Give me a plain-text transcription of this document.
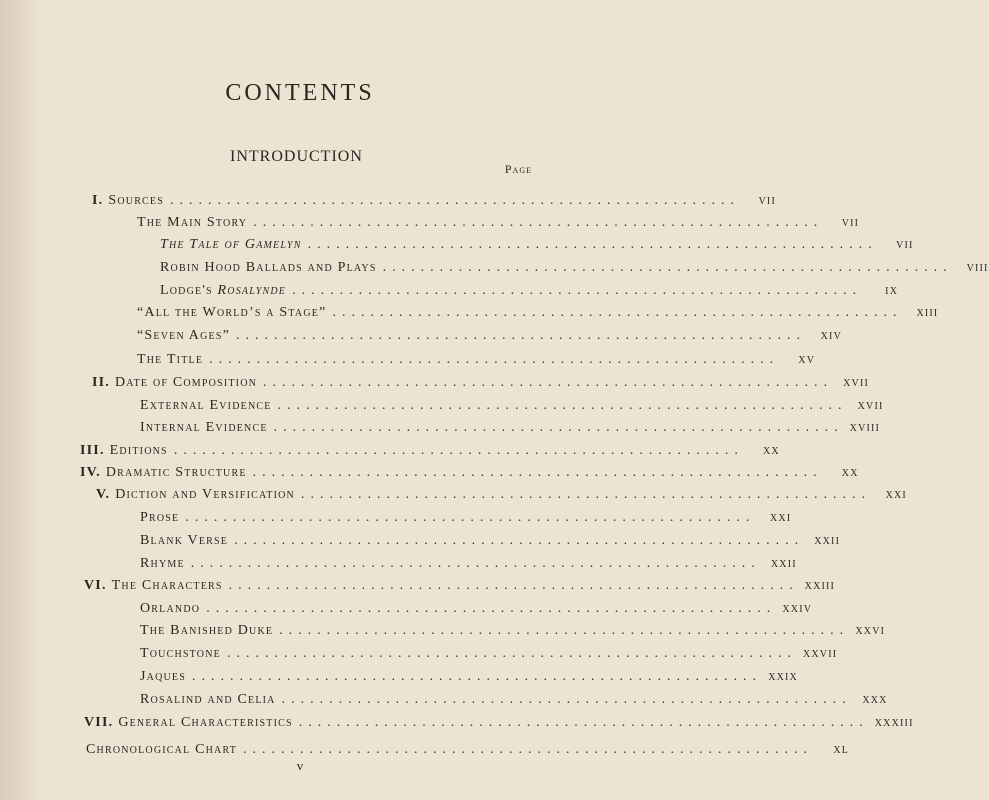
CONTENTS
INTRODUCTION
Page
I. Sources ............................................................	vii
The Main Story ............................................................	vii
The Tale of Gamelyn ............................................................	vii
Robin Hood Ballads and Plays ............................................................ viii
Lodge's Rosalynde ............................................................	ix
“All the World’s a Stage” ............................................................ xiii
“Seven Ages” ............................................................	xiv
The Title ............................................................	xv
II. Date of Composition ............................................................ xvii
External Evidence ............................................................ xvii
Internal Evidence ............................................................ xviii
III. Editions ............................................................	xx
IV. Dramatic Structure ............................................................	xx
V. Diction and Versification ............................................................	xxi
Prose ............................................................	xxi
Blank Verse ............................................................ xxii
Rhyme ............................................................ xxii
VI. The Characters ............................................................ xxiii
Orlando ............................................................ xxiv
The Banished Duke ............................................................ xxvi
Touchstone ............................................................ xxvii
Jaques ............................................................ xxix
Rosalind and Celia ............................................................ xxx
VII. General Characteristics ............................................................ xxxiii
Chronological Chart ............................................................	xl
v
